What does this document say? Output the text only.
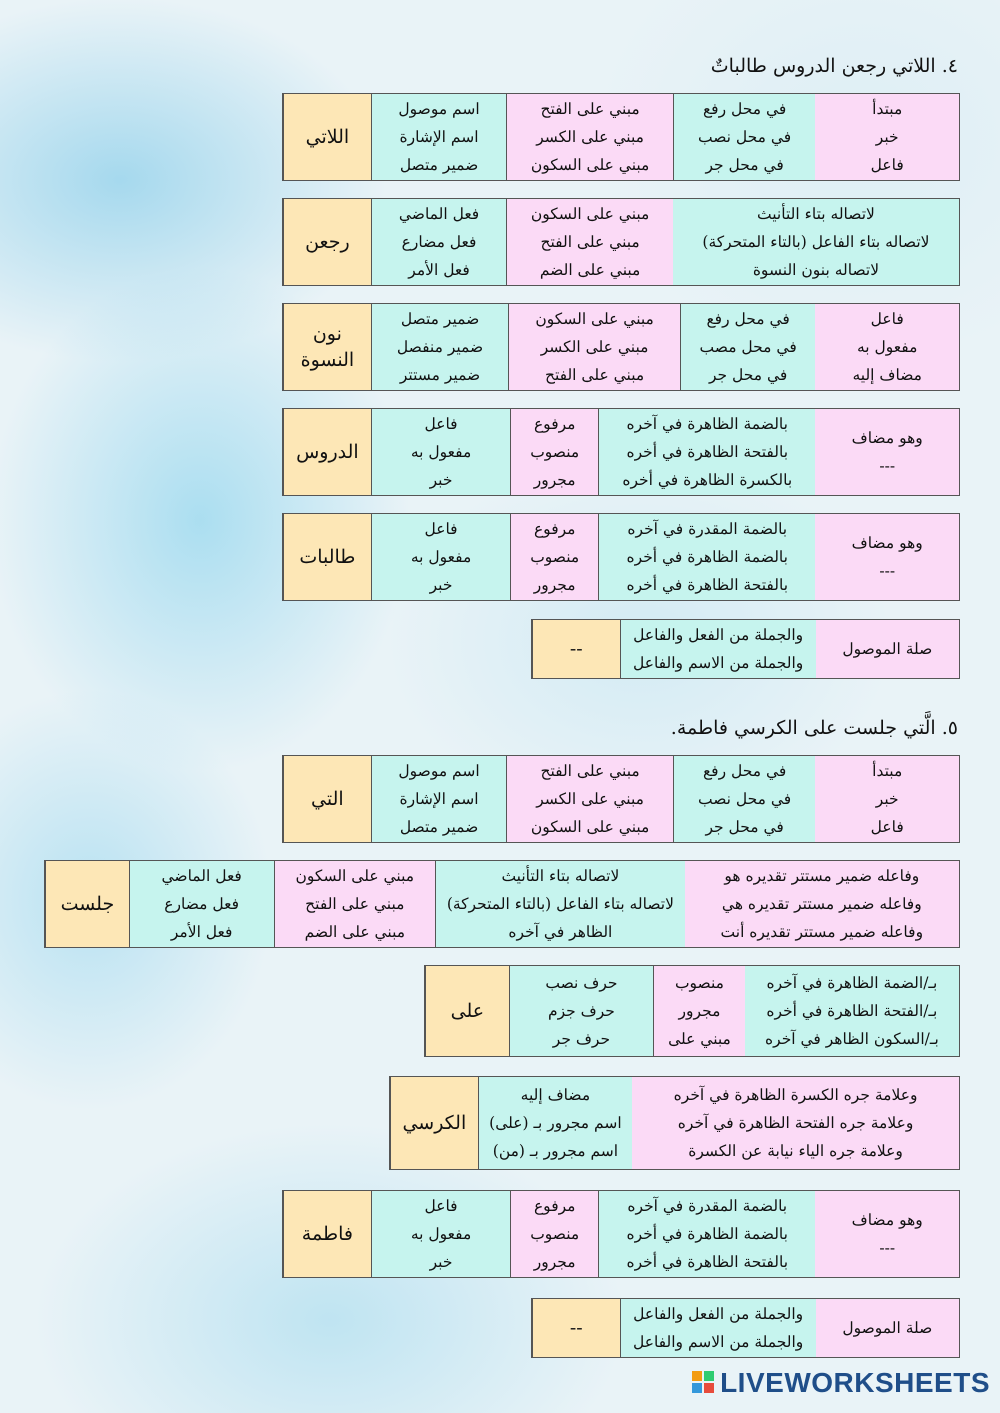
٤. اللاتي رجعن الدروس طالباتٌ
اللاتي
اسم موصول
اسم الإشارة
ضمير متصل
مبني على الفتح
مبني على الكسر
مبني على السكون
في محل رفع
في محل نصب
في محل جر
مبتدأ
خبر
فاعل
رجعن
فعل الماضي
فعل مضارع
فعل الأمر
مبني على السكون
مبني على الفتح
مبني على الضم
لاتصاله بتاء التأنيث
لاتصاله بتاء الفاعل (بالتاء المتحركة)
لاتصاله بنون النسوة
نون النسوة
ضمير متصل
ضمير منفصل
ضمير مستتر
مبني على السكون
مبني على الكسر
مبني على الفتح
في محل رفع
في محل مصب
في محل جر
فاعل
مفعول به
مضاف إليه
الدروس
فاعل
مفعول به
خبر
مرفوع
منصوب
مجرور
بالضمة الظاهرة في آخره
بالفتحة الظاهرة في أخره
بالكسرة الظاهرة في أخره
وهو مضاف
---
طالبات
فاعل
مفعول به
خبر
مرفوع
منصوب
مجرور
بالضمة المقدرة في آخره
بالضمة الظاهرة في أخره
بالفتحة الظاهرة في أخره
وهو مضاف
---
--
والجملة من الفعل والفاعل
والجملة من الاسم والفاعل
صلة الموصول
٥. الَّتي جلست على الكرسي فاطمة.
التي
اسم موصول
اسم الإشارة
ضمير متصل
مبني على الفتح
مبني على الكسر
مبني على السكون
في محل رفع
في محل نصب
في محل جر
مبتدأ
خبر
فاعل
جلست
فعل الماضي
فعل مضارع
فعل الأمر
مبني على السكون
مبني على الفتح
مبني على الضم
لاتصاله بتاء التأنيث
لاتصاله بتاء الفاعل (بالتاء المتحركة)
الظاهر في آخره
وفاعله ضمير مستتر تقديره هو
وفاعله ضمير مستتر تقديره هي
وفاعله ضمير مستتر تقديره أنت
على
حرف نصب
حرف جزم
حرف جر
منصوب
مجرور
مبني على
بـ/الضمة الظاهرة في آخره
بـ/الفتحة الظاهرة في أخره
بـ/السكون الظاهر في آخره
الكرسي
مضاف إليه
اسم مجرور بـ (على)
اسم مجرور بـ (من)
وعلامة جره الكسرة الظاهرة في آخره
وعلامة جره الفتحة الظاهرة في آخره
وعلامة جره الياء نيابة عن الكسرة
فاطمة
فاعل
مفعول به
خبر
مرفوع
منصوب
مجرور
بالضمة المقدرة في آخره
بالضمة الظاهرة في أخره
بالفتحة الظاهرة في أخره
وهو مضاف
---
--
والجملة من الفعل والفاعل
والجملة من الاسم والفاعل
صلة الموصول
LIVEWORKSHEETS
